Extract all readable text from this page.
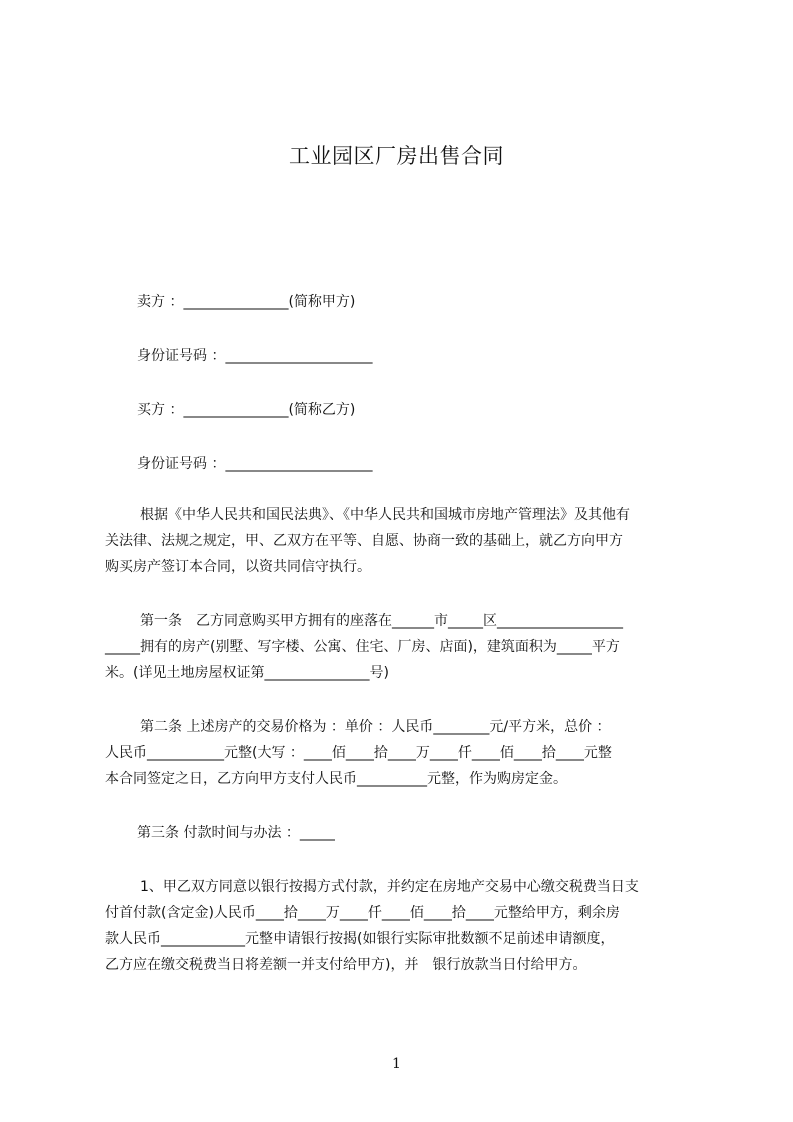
工业园区厂房出售合同
卖方 ：_______________(简称甲方)
身份证号码 ：_____________________
买方 ：_______________(简称乙方)
身份证号码 ：_____________________
根据《中华人民共和国民法典》、《中华人民共和国城市房地产管理法》及其他有
关法律、法规之规定，甲、乙双方在平等、自愿、协商一致的基础上，就乙方向甲方
购买房产签订本合同，以资共同信守执行。
第一条　乙方同意购买甲方拥有的座落在______市_____区__________________
_____拥有的房产(别墅、写字楼、公寓、住宅、厂房、店面)，建筑面积为_____平方
米。(详见土地房屋权证第_______________号)
第二条 上述房产的交易价格为 ：单价 ：人民币________元/平方米，总价 ：
人民币___________元整(大写 ：____佰____拾____万____仟____佰____拾____元整
本合同签定之日，乙方向甲方支付人民币__________元整，作为购房定金。
第三条 付款时间与办法 ：_____
1、甲乙双方同意以银行按揭方式付款，并约定在房地产交易中心缴交税费当日支
付首付款(含定金)人民币____拾____万____仟____佰____拾____元整给甲方，剩余房
款人民币____________元整申请银行按揭(如银行实际审批数额不足前述申请额度，
乙方应在缴交税费当日将差额一并支付给甲方)，并　银行放款当日付给甲方。
1
